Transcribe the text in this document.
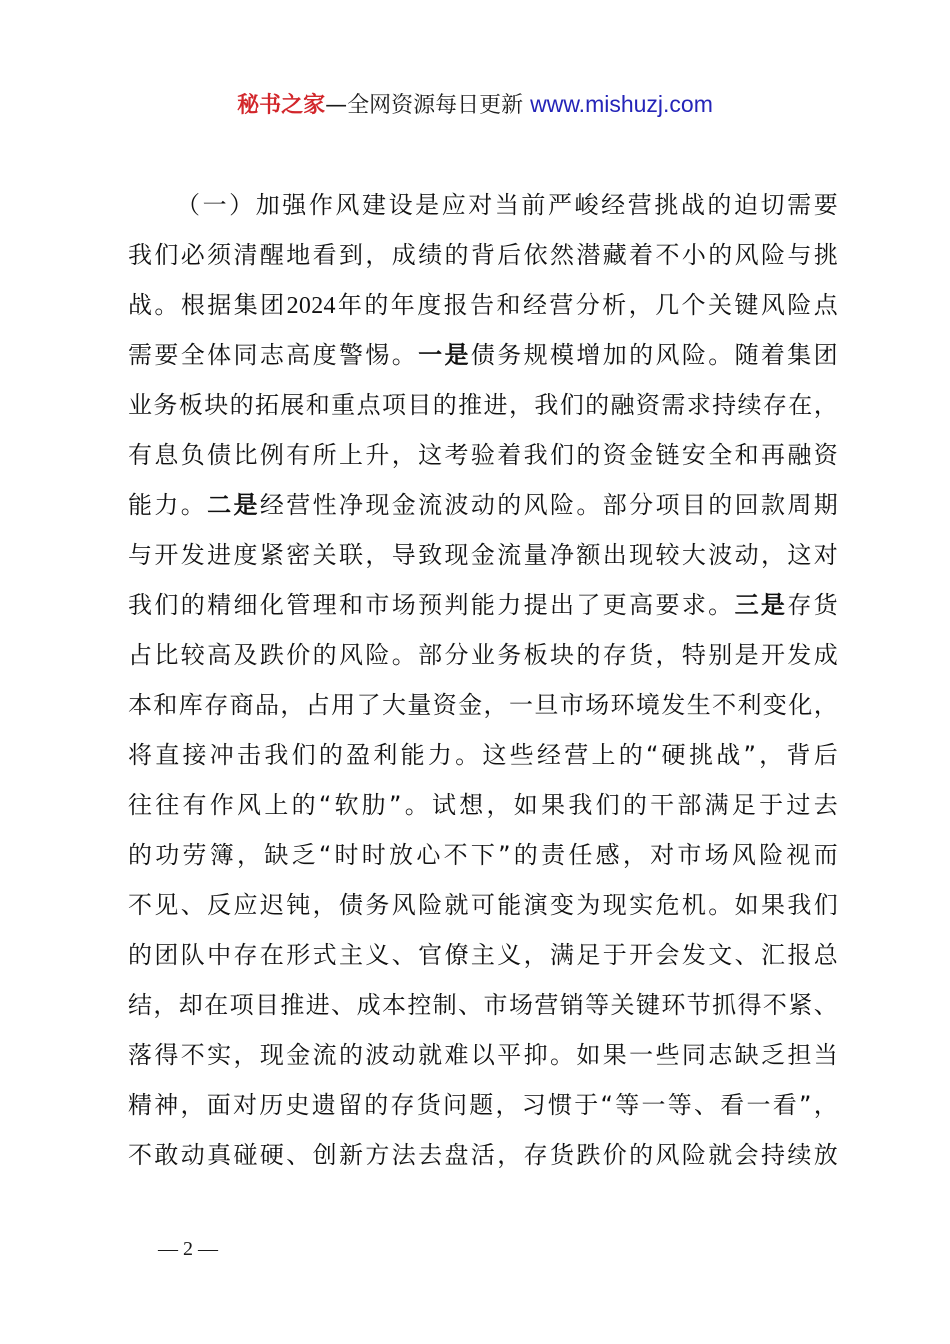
秘书之家—全网资源每日更新 www.mishuzj.com
（一）加强作风建设是应对当前严峻经营挑战的迫切需要
我们必须清醒地看到，成绩的背后依然潜藏着不小的风险与挑
战。根据集团2024年的年度报告和经营分析，几个关键风险点
需要全体同志高度警惕。一是债务规模增加的风险。随着集团
业务板块的拓展和重点项目的推进，我们的融资需求持续存在，
有息负债比例有所上升，这考验着我们的资金链安全和再融资
能力。二是经营性净现金流波动的风险。部分项目的回款周期
与开发进度紧密关联，导致现金流量净额出现较大波动，这对
我们的精细化管理和市场预判能力提出了更高要求。三是存货
占比较高及跌价的风险。部分业务板块的存货，特别是开发成
本和库存商品，占用了大量资金，一旦市场环境发生不利变化，
将直接冲击我们的盈利能力。这些经营上的“硬挑战”，背后
往往有作风上的“软肋”。试想，如果我们的干部满足于过去
的功劳簿，缺乏“时时放心不下”的责任感，对市场风险视而
不见、反应迟钝，债务风险就可能演变为现实危机。如果我们
的团队中存在形式主义、官僚主义，满足于开会发文、汇报总
结，却在项目推进、成本控制、市场营销等关键环节抓得不紧、
落得不实，现金流的波动就难以平抑。如果一些同志缺乏担当
精神，面对历史遗留的存货问题，习惯于“等一等、看一看”，
不敢动真碰硬、创新方法去盘活，存货跌价的风险就会持续放
— 2 —
